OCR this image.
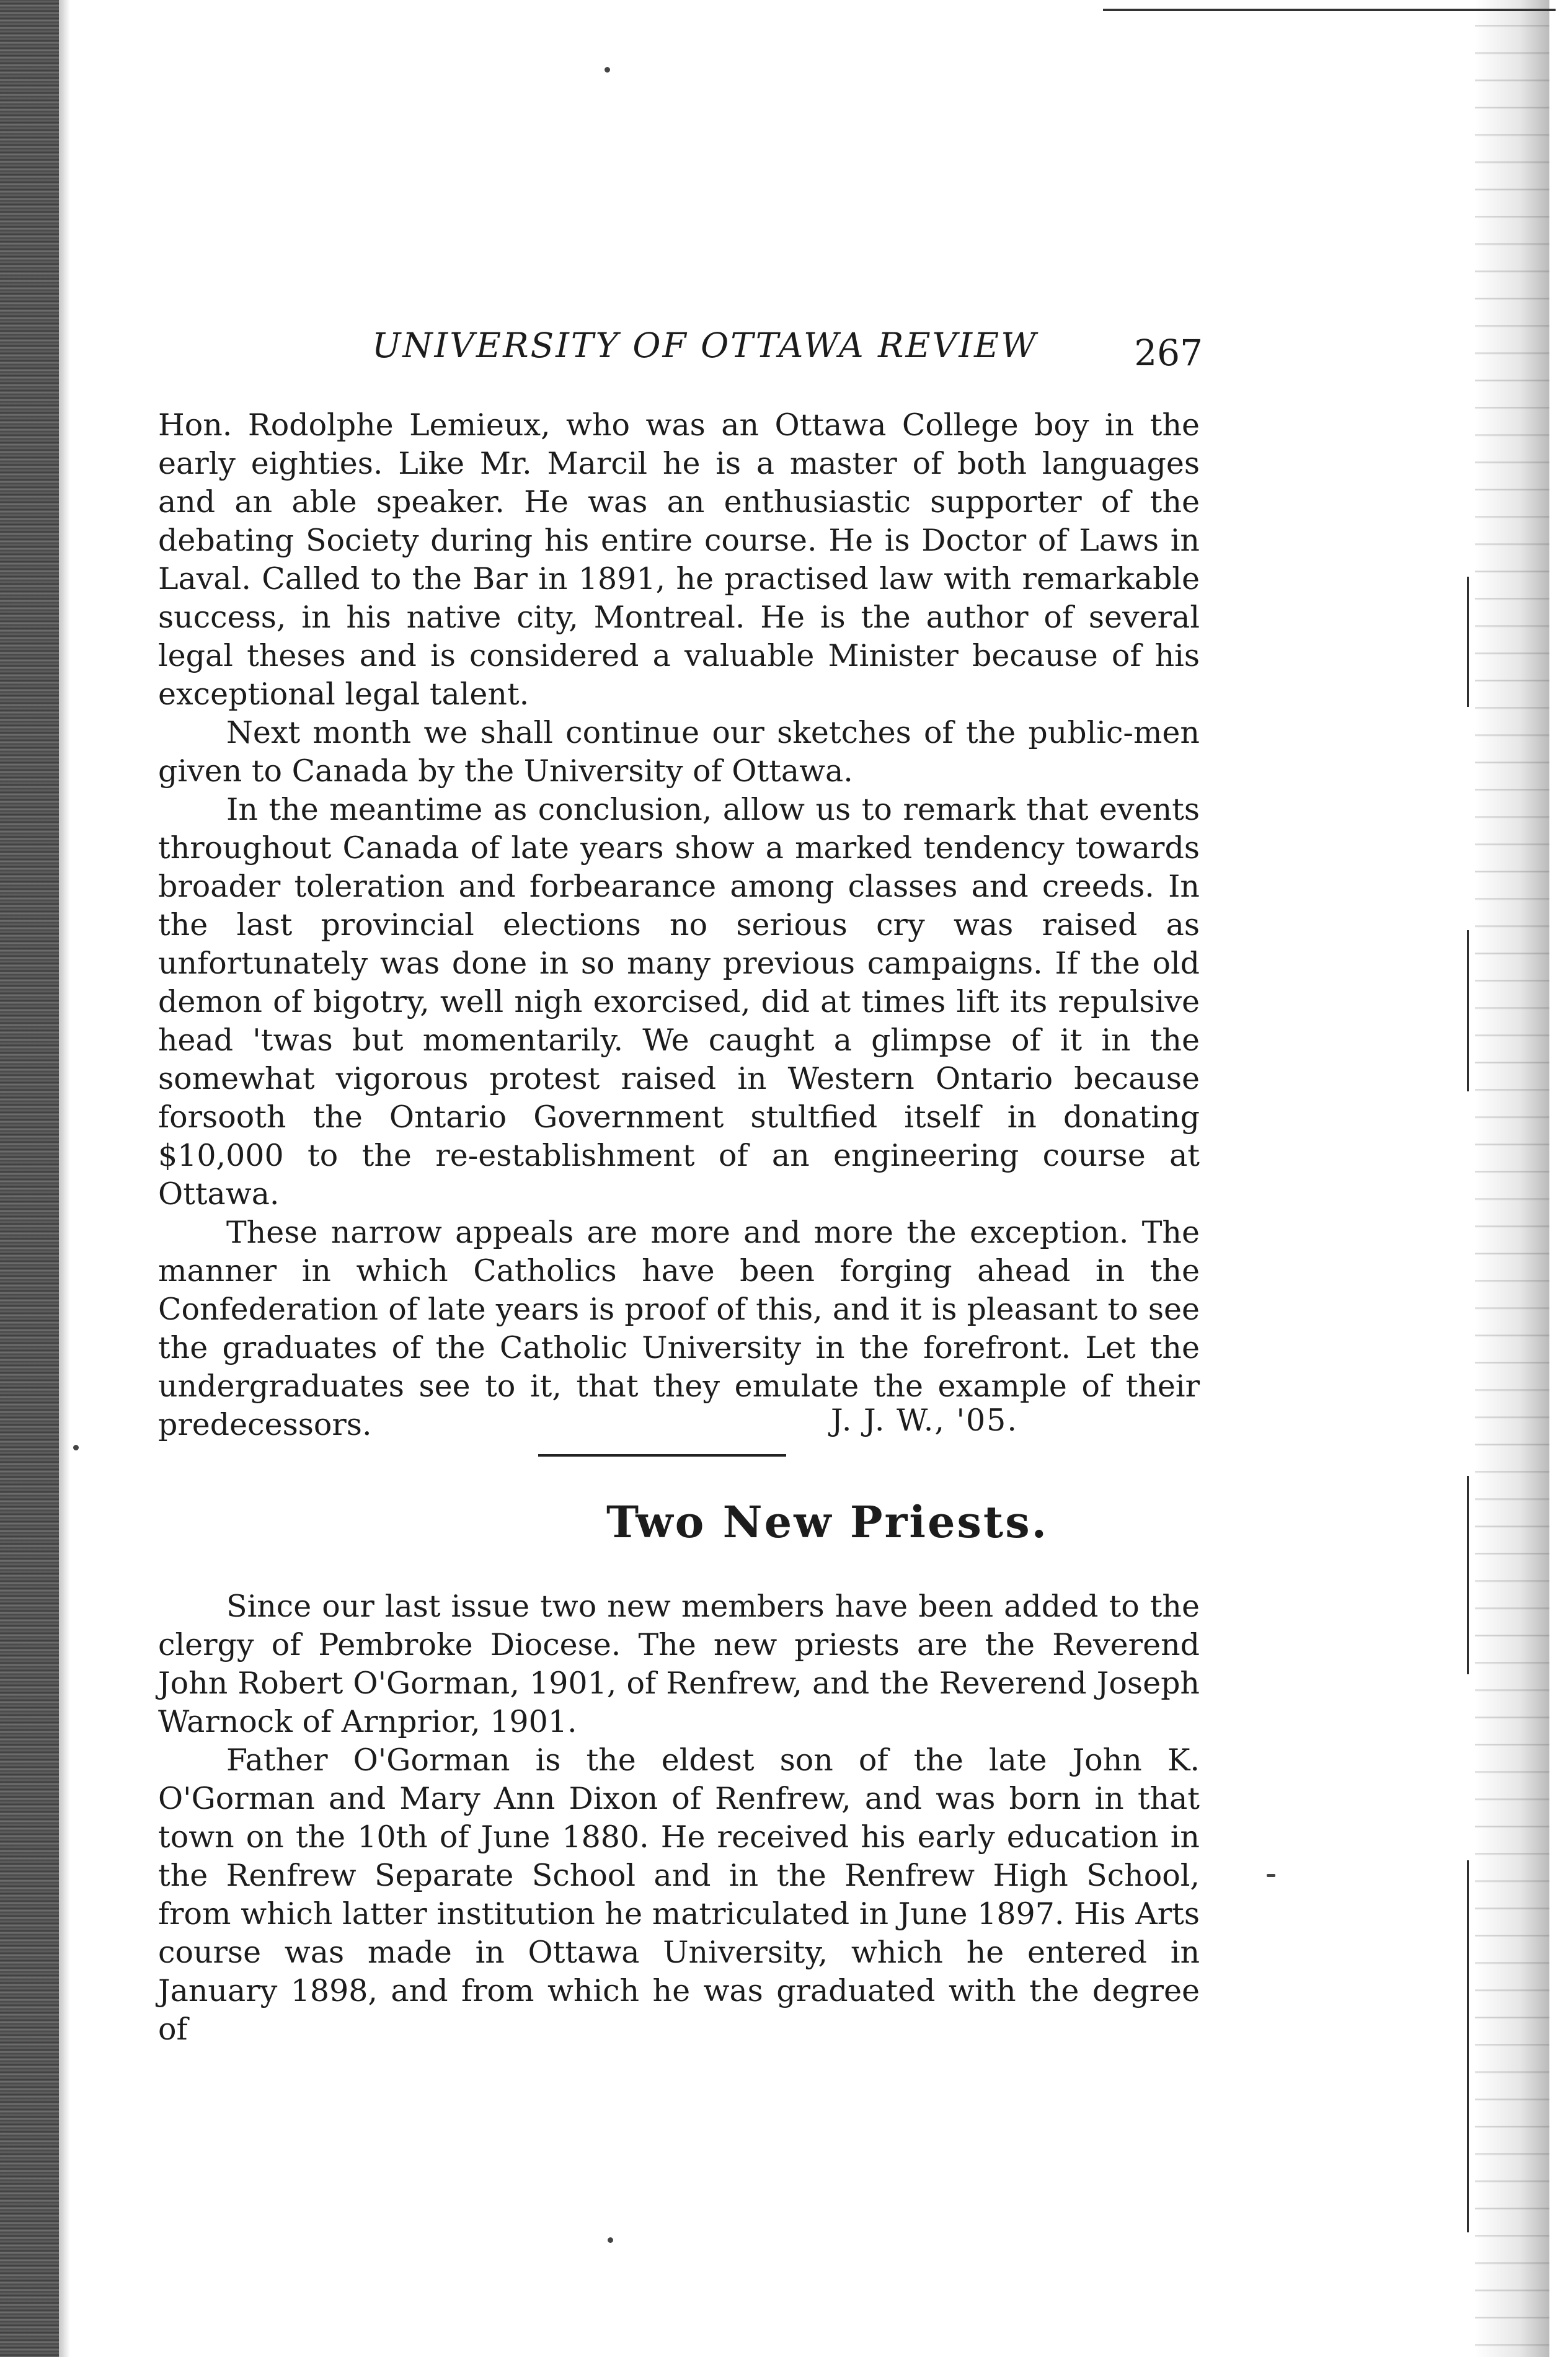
UNIVERSITY OF OTTAWA REVIEW	267

Hon. Rodolphe Lemieux, who was an Ottawa College boy in the early eighties. Like Mr. Marcil he is a master of both languages and an able speaker. He was an enthusiastic supporter of the debating Society during his entire course. He is Doctor of Laws in Laval. Called to the Bar in 1891, he practised law with remarkable success, in his native city, Montreal. He is the author of several legal theses and is considered a valuable Minister because of his exceptional legal talent.

Next month we shall continue our sketches of the public-men given to Canada by the University of Ottawa.

In the meantime as conclusion, allow us to remark that events throughout Canada of late years show a marked tendency towards broader toleration and forbearance among classes and creeds. In the last provincial elections no serious cry was raised as unfortunately was done in so many previous campaigns. If the old demon of bigotry, well nigh exorcised, did at times lift its repulsive head 'twas but momentarily. We caught a glimpse of it in the somewhat vigorous protest raised in Western Ontario because forsooth the Ontario Government stultfied itself in donating $10,000 to the re-establishment of an engineering course at Ottawa.

These narrow appeals are more and more the exception. The manner in which Catholics have been forging ahead in the Confederation of late years is proof of this, and it is pleasant to see the graduates of the Catholic University in the forefront. Let the undergraduates see to it, that they emulate the example of their predecessors.	J. J. W., '05.
Two New Priests.

Since our last issue two new members have been added to the clergy of Pembroke Diocese. The new priests are the Reverend John Robert O'Gorman, 1901, of Renfrew, and the Reverend Joseph Warnock of Arnprior, 1901.

Father O'Gorman is the eldest son of the late John K. O'Gorman and Mary Ann Dixon of Renfrew, and was born in that town on the 10th of June 1880. He received his early education in the Renfrew Separate School and in the Renfrew High School, from which latter institution he matriculated in June 1897. His Arts course was made in Ottawa University, which he entered in January 1898, and from which he was graduated with the degree of
